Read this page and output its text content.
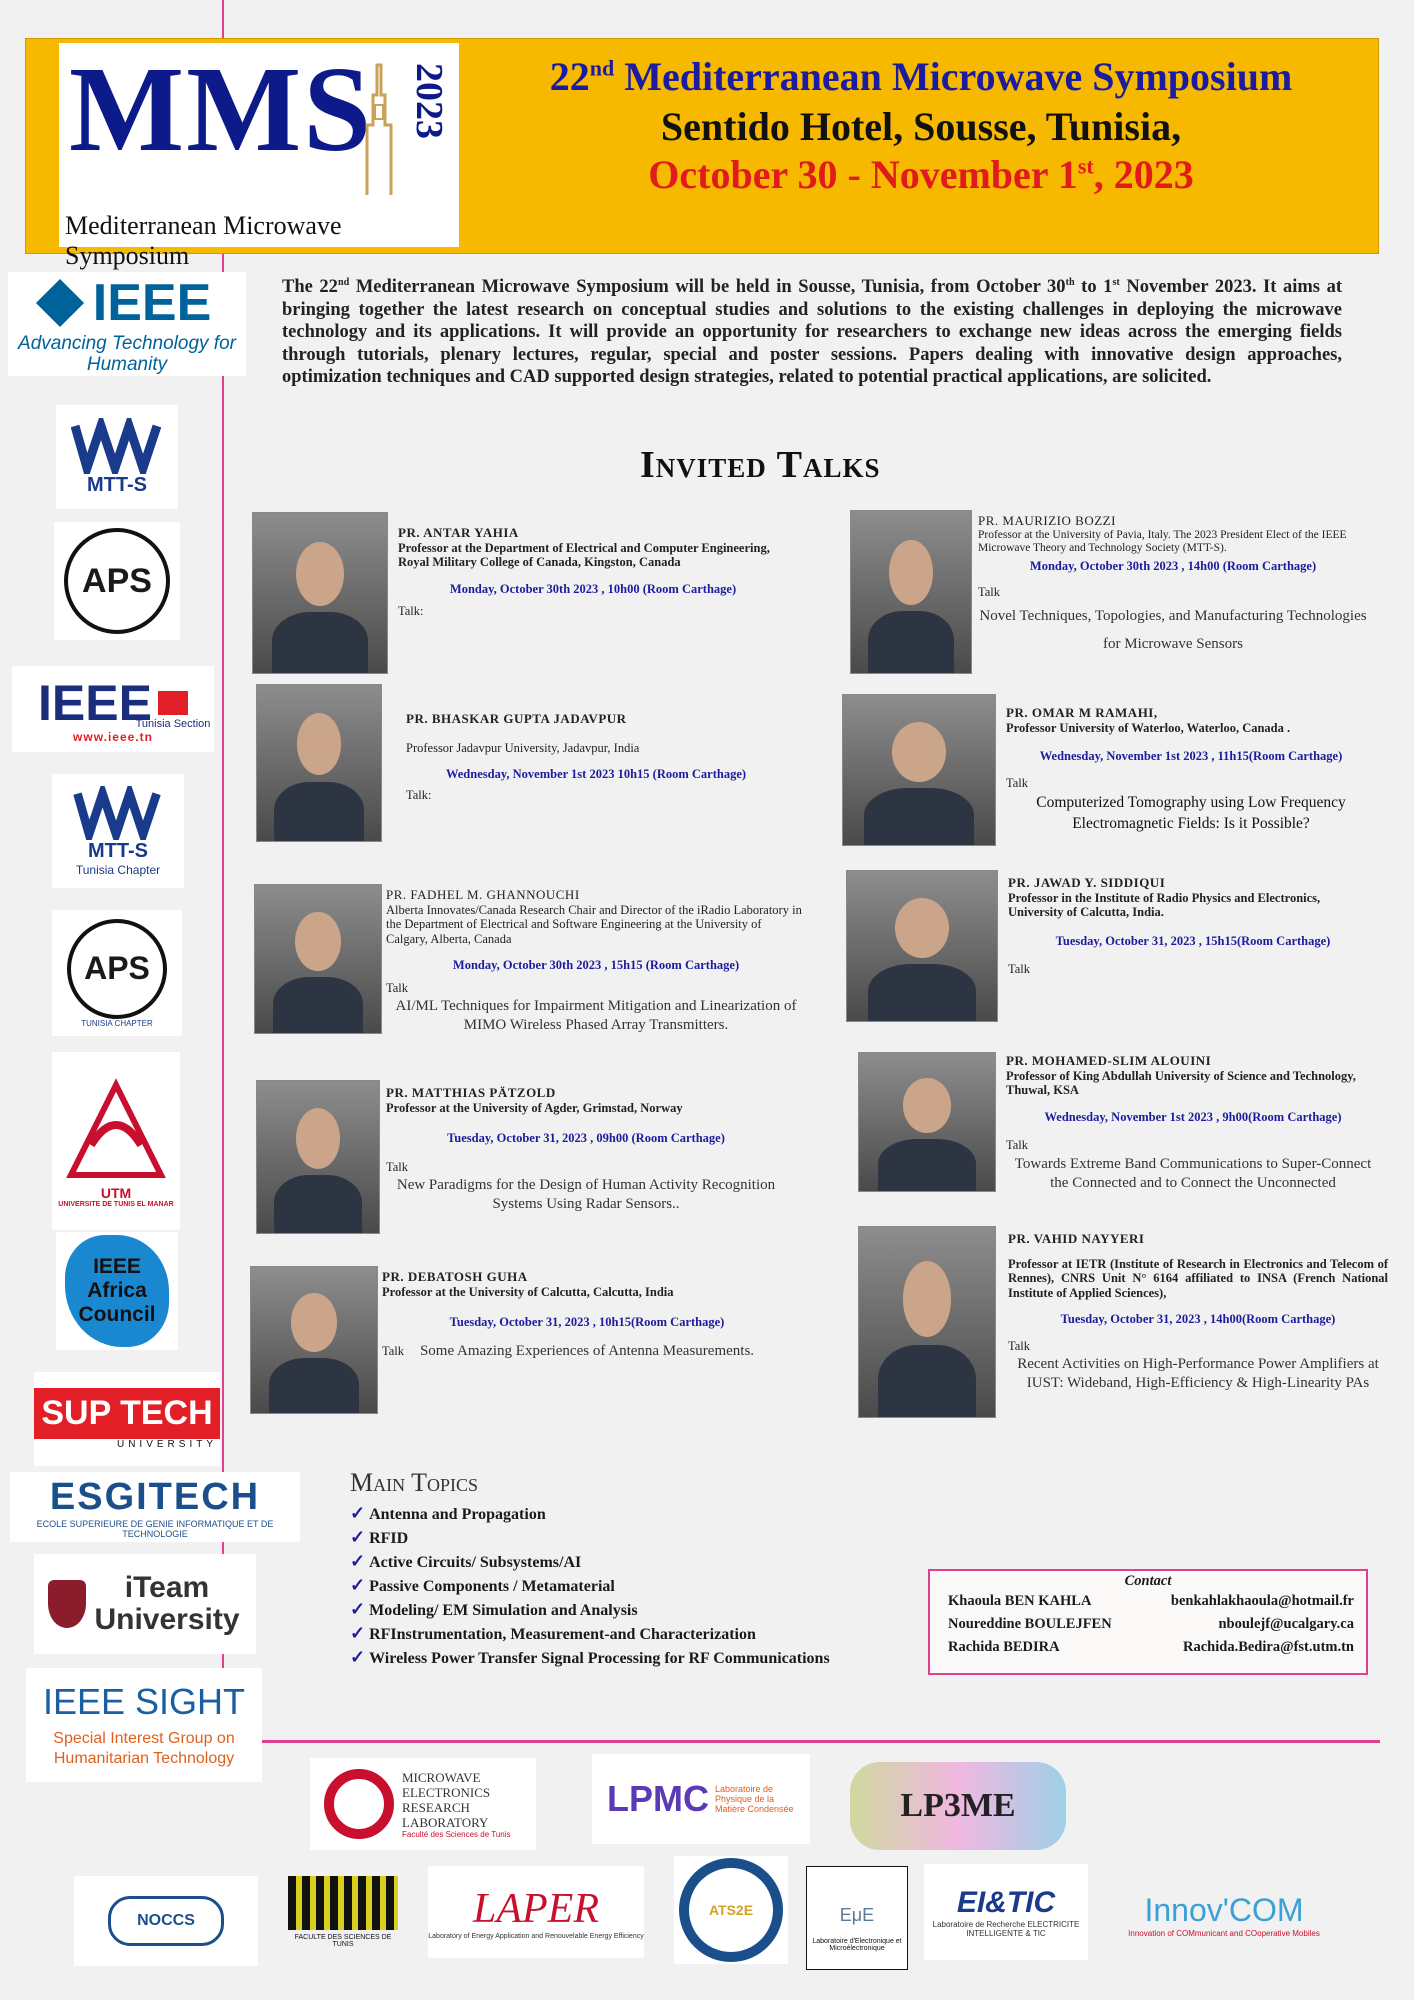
MMS 2023
Mediterranean Microwave Symposium
22nd Mediterranean Microwave Symposium
Sentido Hotel, Sousse, Tunisia,
October 30 - November 1st, 2023
IEEE
Advancing Technology for Humanity
MTT-S
APS
IEEE
Tunisia Section
www.ieee.tn
MTT-S
Tunisia Chapter
APS
TUNISIA CHAPTER
UTM
UNIVERSITE DE TUNIS EL MANAR
IEEE Africa Council
SUP TECH
UNIVERSITY
ESGITECH
ECOLE SUPERIEURE DE GENIE INFORMATIQUE ET DE TECHNOLOGIE
iTeam University
IEEE SIGHT
Special Interest Group on Humanitarian Technology
The 22nd Mediterranean Microwave Symposium will be held in Sousse, Tunisia, from October 30th to 1st November 2023. It aims at bringing together the latest research on conceptual studies and solutions to the existing challenges in deploying the microwave technology and its applications. It will provide an opportunity for researchers to exchange new ideas across the emerging fields through tutorials, plenary lectures, regular, special and poster sessions. Papers dealing with innovative design approaches, optimization techniques and CAD supported design strategies, related to potential practical applications, are solicited.
Invited Talks
PR. ANTAR YAHIA
Professor at the Department of Electrical and Computer Engineering, Royal Military College of Canada, Kingston, Canada
Monday, October 30th 2023 , 10h00 (Room Carthage)
Talk:
PR. BHASKAR GUPTA JADAVPUR
Professor Jadavpur University, Jadavpur, India
Wednesday, November 1st 2023 10h15 (Room Carthage)
Talk:
PR. FADHEL M. GHANNOUCHI
Alberta Innovates/Canada Research Chair and Director of the iRadio Laboratory in the Department of Electrical and Software Engineering at the University of Calgary, Alberta, Canada
Monday, October 30th 2023 , 15h15 (Room Carthage)
Talk
AI/ML Techniques for Impairment Mitigation and Linearization of MIMO Wireless Phased Array Transmitters.
PR. MATTHIAS PÄTZOLD
Professor at the University of Agder, Grimstad, Norway
Tuesday, October 31, 2023 , 09h00 (Room Carthage)
Talk
New Paradigms for the Design of Human Activity Recognition Systems Using Radar Sensors..
PR. DEBATOSH GUHA
Professor at the University of Calcutta, Calcutta, India
Tuesday, October 31, 2023 , 10h15(Room Carthage)
Talk	Some Amazing Experiences of Antenna Measurements.
PR. MAURIZIO BOZZI
Professor at the University of Pavia, Italy. The 2023 President Elect of the IEEE Microwave Theory and Technology Society (MTT-S).
Monday, October 30th 2023 , 14h00 (Room Carthage)
Talk
Novel Techniques, Topologies, and Manufacturing Technologies for Microwave Sensors
PR. OMAR M RAMAHI,
Professor University of Waterloo, Waterloo, Canada .
Wednesday, November 1st 2023 , 11h15(Room Carthage)
Talk
Computerized Tomography using Low Frequency Electromagnetic Fields: Is it Possible?
PR. JAWAD Y. SIDDIQUI
Professor in the Institute of Radio Physics and Electronics, University of Calcutta, India.
Tuesday, October 31, 2023 , 15h15(Room Carthage)
Talk
PR. MOHAMED-SLIM ALOUINI
Professor of King Abdullah University of Science and Technology, Thuwal, KSA
Wednesday, November 1st 2023 , 9h00(Room Carthage)
Talk
Towards Extreme Band Communications to Super-Connect the Connected and to Connect the Unconnected
PR. VAHID NAYYERI
Professor at IETR (Institute of Research in Electronics and Telecom of Rennes), CNRS Unit N° 6164 affiliated to INSA (French National Institute of Applied Sciences),
Tuesday, October 31, 2023 , 14h00(Room Carthage)
Talk
Recent Activities on High-Performance Power Amplifiers at IUST: Wideband, High-Efficiency & High-Linearity PAs
Main Topics
✓ Antenna and Propagation
✓ RFID
✓ Active Circuits/ Subsystems/AI
✓ Passive Components / Metamaterial
✓ Modeling/ EM Simulation and Analysis
✓ RFInstrumentation, Measurement-and Characterization
✓ Wireless Power Transfer Signal Processing for RF Communications
Contact
Khaoula BEN KAHLA	benkahlakhaoula@hotmail.fr
Noureddine BOULEJFEN	nboulejf@ucalgary.ca
Rachida BEDIRA	Rachida.Bedira@fst.utm.tn
MICROWAVE ELECTRONICS RESEARCH LABORATORY
Faculté des Sciences de Tunis
LPMC Laboratoire de Physique de la Matière Condensée	LP3ME
NOCCS
FACULTE DES SCIENCES DE TUNIS
LAPER
Laboratory of Energy Application and Renouvelable Energy Efficiency
ATS2E	EμE
Laboratoire d'Electronique et Microélectronique
EI&TIC
Laboratoire de Recherche ELECTRICITE INTELLIGENTE & TIC
Innov'COM
Innovation of COMmunicant and COoperative Mobiles
